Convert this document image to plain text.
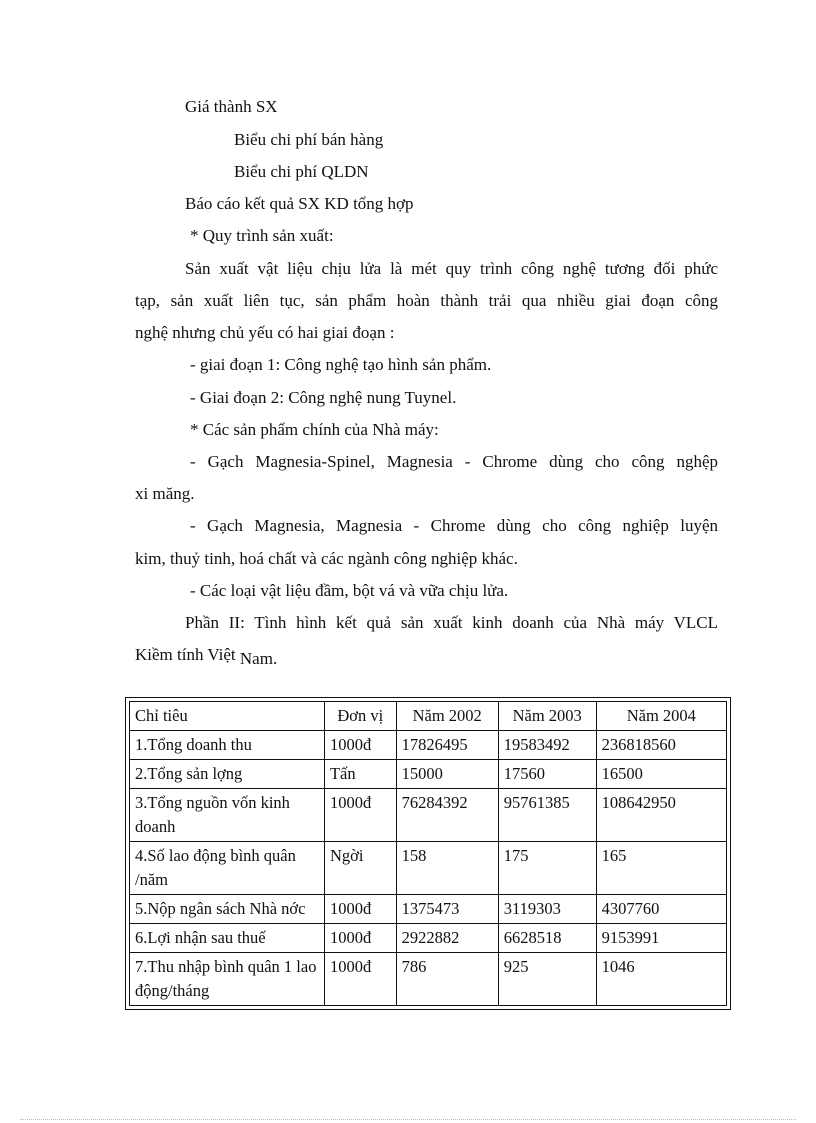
Giá thành SX
Biểu chi phí bán hàng
Biểu chi phí QLDN
Báo cáo kết quả SX KD tổng hợp
* Quy trình sản xuất:
Sản xuất vật liệu chịu lửa là mét quy trình công nghệ tương đối phức
tạp, sản xuất liên tục, sản phẩm hoàn thành trải qua nhiều giai đoạn công
nghệ nhưng chủ yếu có hai giai đoạn :
- giai đoạn 1: Công nghệ tạo hình sản phẩm.
- Giai đoạn 2: Công nghệ nung Tuynel.
* Các sản phẩm chính của Nhà máy:
- Gạch Magnesia-Spinel, Magnesia - Chrome dùng cho công nghệp
xi măng.
- Gạch Magnesia, Magnesia - Chrome dùng cho công nghiệp luyện
kim, thuỷ tinh, hoá chất và các ngành công nghiệp khác.
- Các loại vật liệu đầm, bột vá và vữa chịu lửa.
Phần II: Tình hình kết quả sản xuất kinh doanh của Nhà máy VLCL
Kiềm tính Việt Nam.
Chỉ tiêu	Đơn vị	Năm 2002	Năm 2003	Năm 2004
1.Tổng doanh thu	1000đ	17826495	19583492	236818560
2.Tổng sản lợng	Tấn	15000	17560	16500
3.Tổng nguồn vốn kinh doanh	1000đ	76284392	95761385	108642950
4.Số lao động bình quân /năm	Ngời	158	175	165
5.Nộp ngân sách Nhà nớc	1000đ	1375473	3119303	4307760
6.Lợi nhận sau thuế	1000đ	2922882	6628518	9153991
7.Thu nhập bình quân 1 lao động/tháng	1000đ	786	925	1046
